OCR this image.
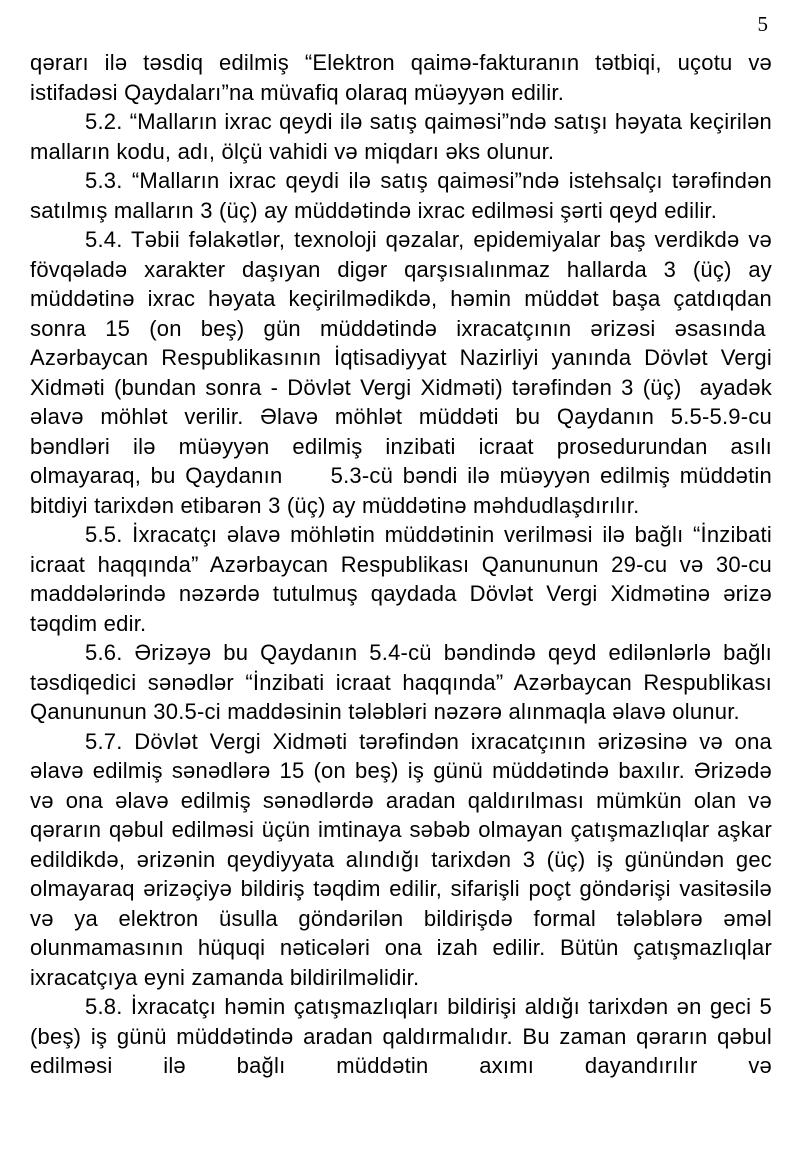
5

qərarı ilə təsdiq edilmiş “Elektron qaimə-fakturanın tətbiqi, uçotu və istifadəsi Qaydaları”na müvafiq olaraq müəyyən edilir.

5.2. “Malların ixrac qeydi ilə satış qaiməsi”ndə satışı həyata keçirilən malların kodu, adı, ölçü vahidi və miqdarı əks olunur.

5.3. “Malların ixrac qeydi ilə satış qaiməsi”ndə istehsalçı tərəfindən satılmış malların 3 (üç) ay müddətində ixrac edilməsi şərti qeyd edilir.

5.4. Təbii fəlakətlər, texnoloji qəzalar, epidemiyalar baş verdikdə və fövqəladə xarakter daşıyan digər qarşısıalınmaz hallarda 3 (üç) ay müddətinə ixrac həyata keçirilmədikdə, həmin müddət başa çatdıqdan sonra 15 (on beş) gün müddətində ixracatçının ərizəsi əsasında  Azərbaycan Respublikasının İqtisadiyyat Nazirliyi yanında Dövlət Vergi Xidməti (bundan sonra - Dövlət Vergi Xidməti) tərəfindən 3 (üç)  ayadək əlavə möhlət verilir. Əlavə möhlət müddəti bu Qaydanın 5.5-5.9-cu bəndləri ilə müəyyən edilmiş inzibati icraat prosedurundan asılı olmayaraq, bu Qaydanın     5.3-cü bəndi ilə müəyyən edilmiş müddətin bitdiyi tarixdən etibarən 3 (üç) ay müddətinə məhdudlaşdırılır.

5.5. İxracatçı əlavə möhlətin müddətinin verilməsi ilə bağlı “İnzibati icraat haqqında” Azərbaycan Respublikası Qanununun 29-cu və 30-cu maddələrində nəzərdə tutulmuş qaydada Dövlət Vergi Xidmətinə ərizə təqdim edir.

5.6. Ərizəyə bu Qaydanın 5.4-cü bəndində qeyd edilənlərlə bağlı təsdiqedici sənədlər “İnzibati icraat haqqında” Azərbaycan Respublikası Qanununun 30.5-ci maddəsinin tələbləri nəzərə alınmaqla əlavə olunur.

5.7. Dövlət Vergi Xidməti tərəfindən ixracatçının ərizəsinə və ona əlavə edilmiş sənədlərə 15 (on beş) iş günü müddətində baxılır. Ərizədə və ona əlavə edilmiş sənədlərdə aradan qaldırılması mümkün olan və qərarın qəbul edilməsi üçün imtinaya səbəb olmayan çatışmazlıqlar aşkar edildikdə, ərizənin qeydiyyata alındığı tarixdən 3 (üç) iş günündən gec olmayaraq ərizəçiyə bildiriş təqdim edilir, sifarişli poçt göndərişi vasitəsilə və ya elektron üsulla göndərilən bildirişdə formal tələblərə əməl olunmamasının hüquqi nəticələri ona izah edilir. Bütün çatışmazlıqlar ixracatçıya eyni zamanda bildirilməlidir.

5.8. İxracatçı həmin çatışmazlıqları bildirişi aldığı tarixdən ən geci 5 (beş) iş günü müddətində aradan qaldırmalıdır. Bu zaman qərarın qəbul edilməsi ilə bağlı müddətin axımı dayandırılır və
